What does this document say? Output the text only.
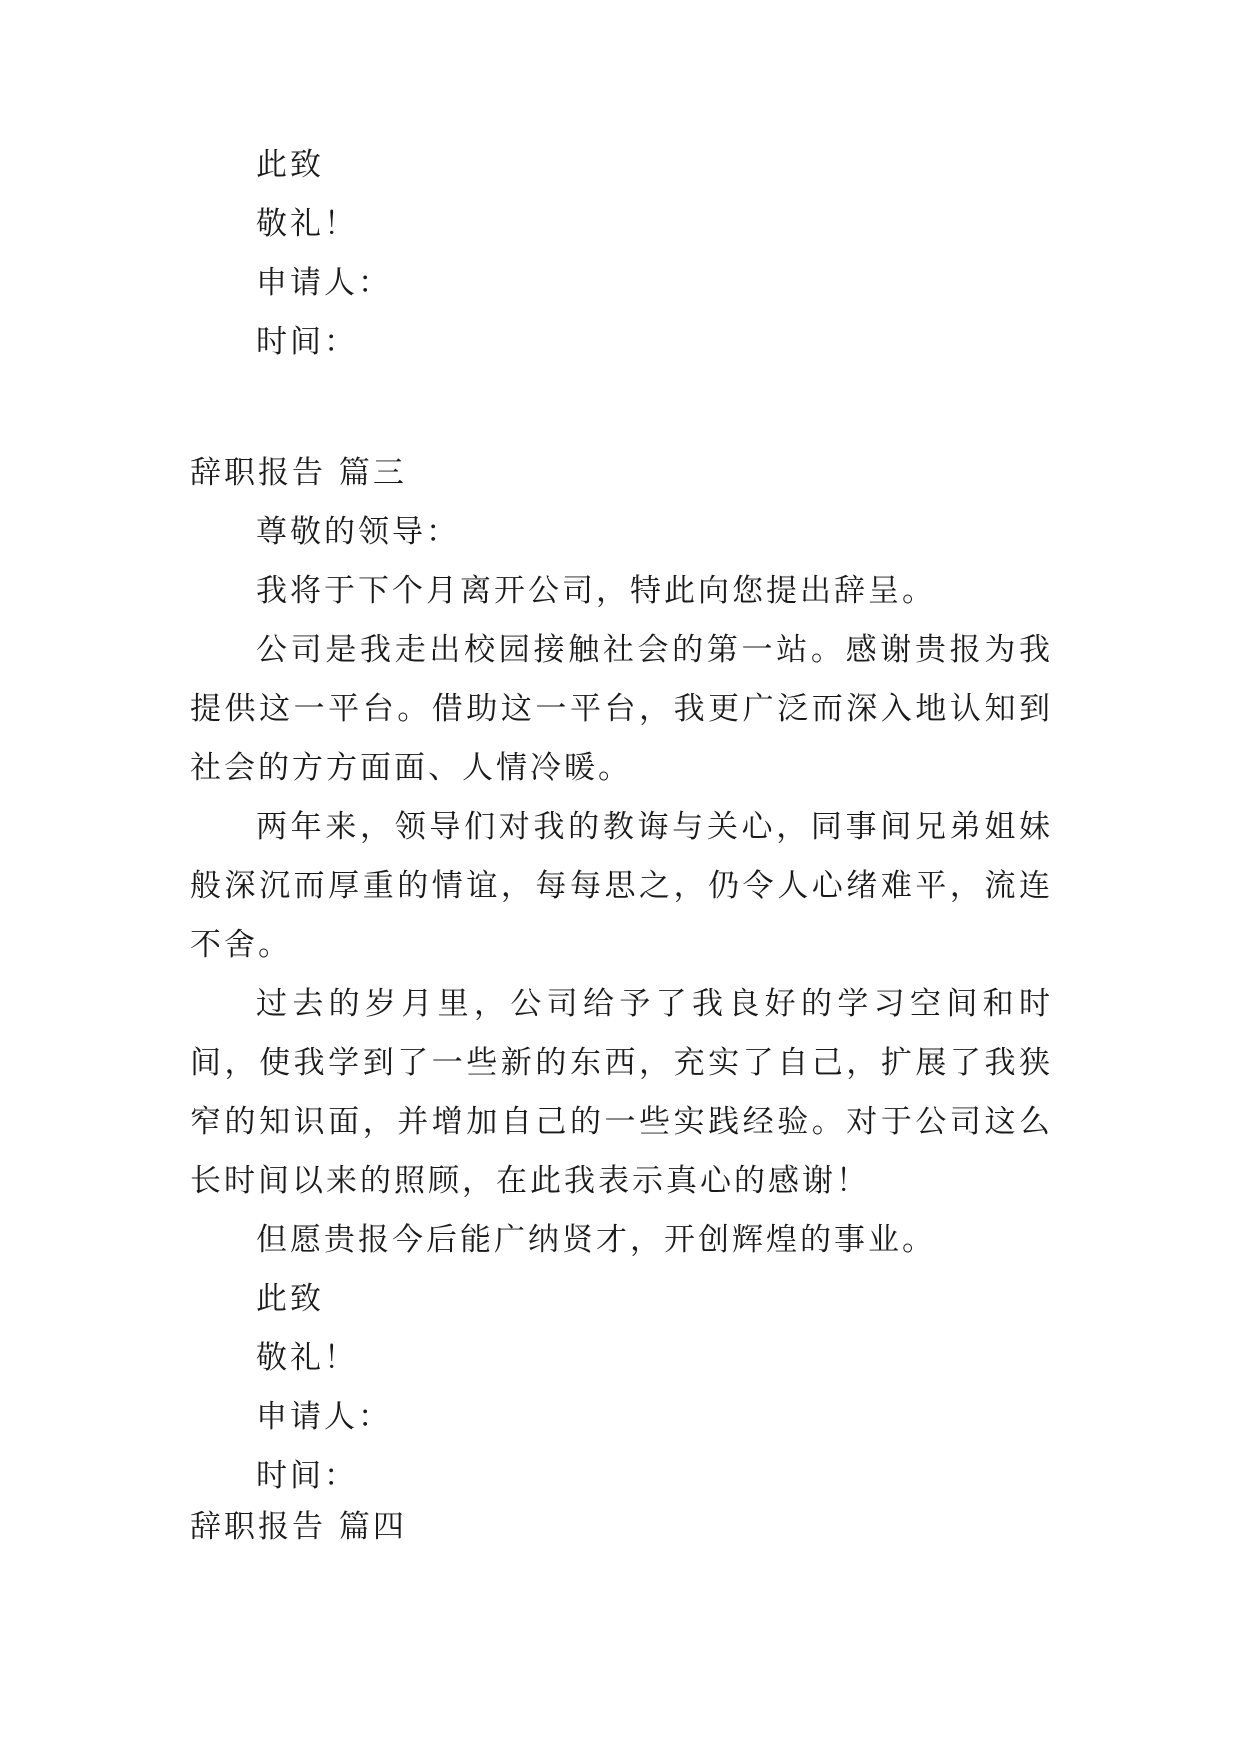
此致
敬礼！
申请人：
时间：
辞职报告 篇三
尊敬的领导：
我将于下个月离开公司，特此向您提出辞呈。
公司是我走出校园接触社会的第一站。感谢贵报为我提供这一平台。借助这一平台，我更广泛而深入地认知到社会的方方面面、人情冷暖。
两年来，领导们对我的教诲与关心，同事间兄弟姐妹般深沉而厚重的情谊，每每思之，仍令人心绪难平，流连不舍。
过去的岁月里，公司给予了我良好的学习空间和时间，使我学到了一些新的东西，充实了自己，扩展了我狭窄的知识面，并增加自己的一些实践经验。对于公司这么长时间以来的照顾，在此我表示真心的感谢！
但愿贵报今后能广纳贤才，开创辉煌的事业。
此致
敬礼！
申请人：
时间：
辞职报告 篇四
